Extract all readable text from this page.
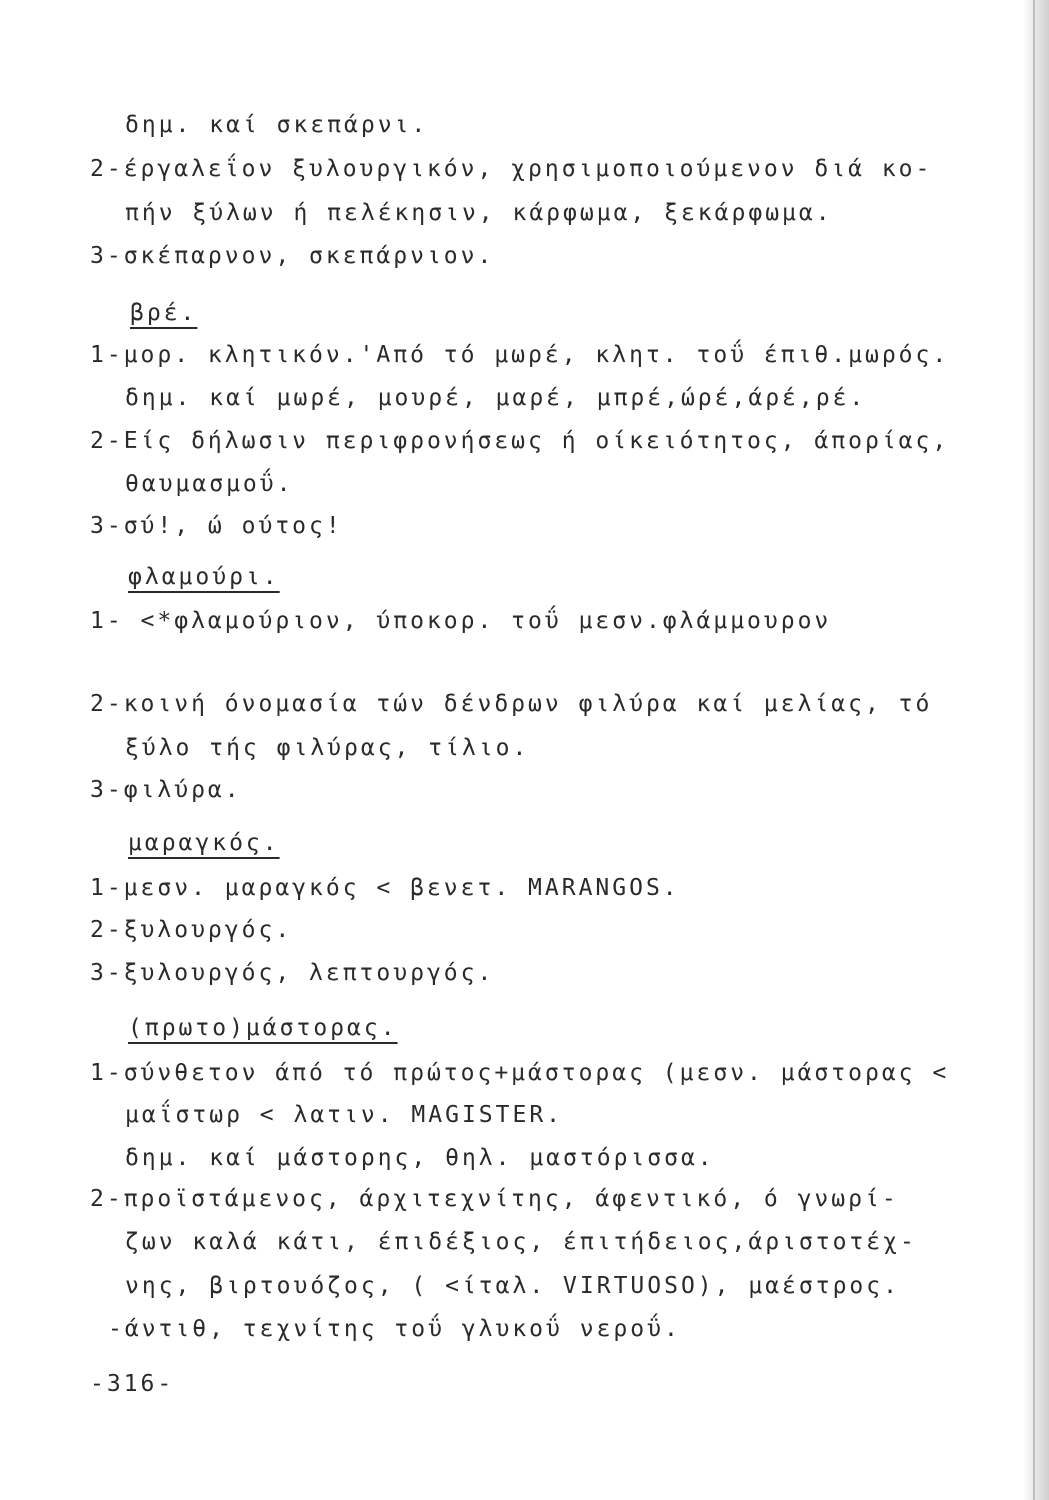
δημ. καί σκεπάρνι.

2-έργαλεΐον ξυλουργικόν, χρησιμοποιούμενον διά κο-

πήν ξύλων ή πελέκησιν, κάρφωμα, ξεκάρφωμα.

3-σκέπαρνον, σκεπάρνιον.

βρέ.

1-μορ. κλητικόν.'Από τό μωρέ, κλητ. τοΰ έπιθ.μωρός.

δημ. καί μωρέ, μουρέ, μαρέ, μπρέ,ώρέ,άρέ,ρέ.

2-Είς δήλωσιν περιφρονήσεως ή οίκειότητος, άπορίας,

θαυμασμοΰ.

3-σύ!, ώ ούτος!

φλαμούρι.

1- <*φλαμούριον, ύποκορ. τοΰ μεσν.φλάμμουρον

2-κοινή όνομασία τών δένδρων φιλύρα καί μελίας, τό

ξύλο τής φιλύρας, τίλιο.

3-φιλύρα.

μαραγκός.

1-μεσν. μαραγκός < βενετ. MARANGOS.

2-ξυλουργός.

3-ξυλουργός, λεπτουργός.

(πρωτο)μάστορας.

1-σύνθετον άπό τό πρώτος+μάστορας (μεσν. μάστορας <

μαΐστωρ < λατιν. MAGISTER.

δημ. καί μάστορης, θηλ. μαστόρισσα.

2-προϊστάμενος, άρχιτεχνίτης, άφεντικό, ό γνωρί-

ζων καλά κάτι, έπιδέξιος, έπιτήδειος,άριστοτέχ-

νης, βιρτουόζος, ( <ίταλ. VIRTUOSO), μαέστρος.

-άντιθ, τεχνίτης τοΰ γλυκοΰ νεροΰ.

-316-
